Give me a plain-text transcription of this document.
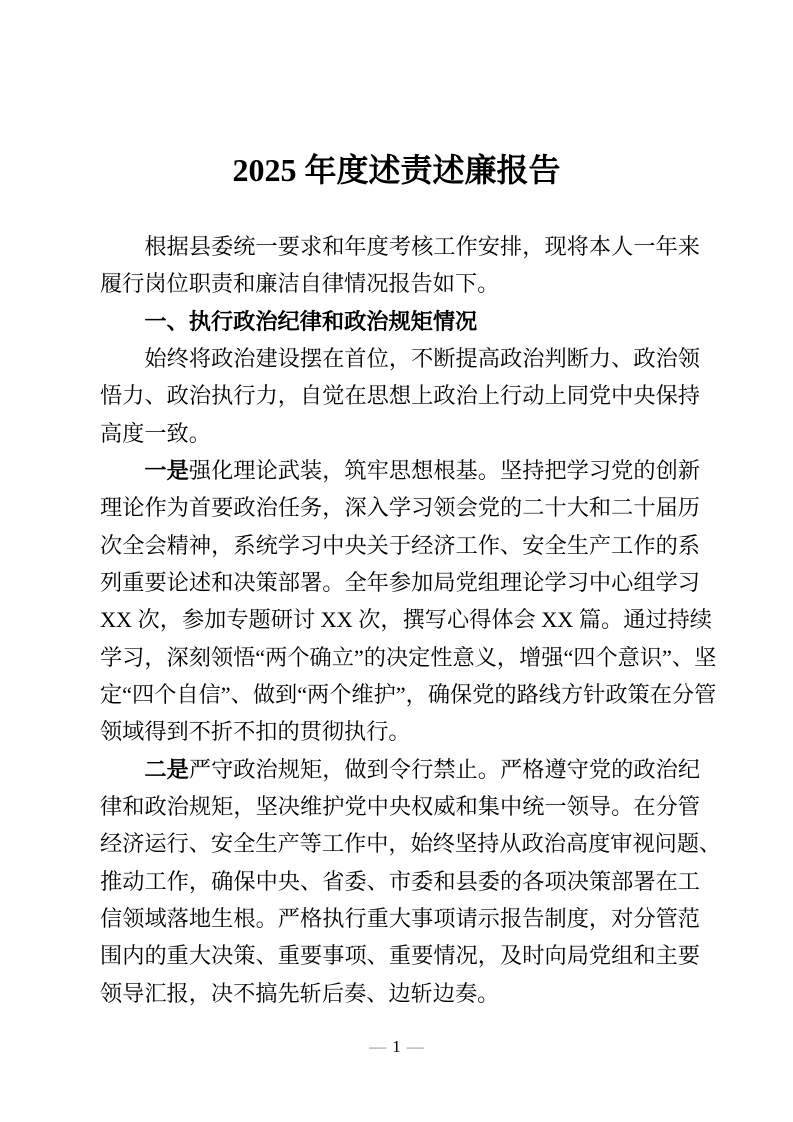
2025 年度述责述廉报告
根据县委统一要求和年度考核工作安排，现将本人一年来
履行岗位职责和廉洁自律情况报告如下。
一、执行政治纪律和政治规矩情况
始终将政治建设摆在首位，不断提高政治判断力、政治领
悟力、政治执行力，自觉在思想上政治上行动上同党中央保持
高度一致。
一是强化理论武装，筑牢思想根基。坚持把学习党的创新
理论作为首要政治任务，深入学习领会党的二十大和二十届历
次全会精神，系统学习中央关于经济工作、安全生产工作的系
列重要论述和决策部署。全年参加局党组理论学习中心组学习
XX 次，参加专题研讨 XX 次，撰写心得体会 XX 篇。通过持续
学习，深刻领悟“两个确立”的决定性意义，增强“四个意识”、坚
定“四个自信”、做到“两个维护”，确保党的路线方针政策在分管
领域得到不折不扣的贯彻执行。
二是严守政治规矩，做到令行禁止。严格遵守党的政治纪
律和政治规矩，坚决维护党中央权威和集中统一领导。在分管
经济运行、安全生产等工作中，始终坚持从政治高度审视问题、
推动工作，确保中央、省委、市委和县委的各项决策部署在工
信领域落地生根。严格执行重大事项请示报告制度，对分管范
围内的重大决策、重要事项、重要情况，及时向局党组和主要
领导汇报，决不搞先斩后奏、边斩边奏。
— 1 —
